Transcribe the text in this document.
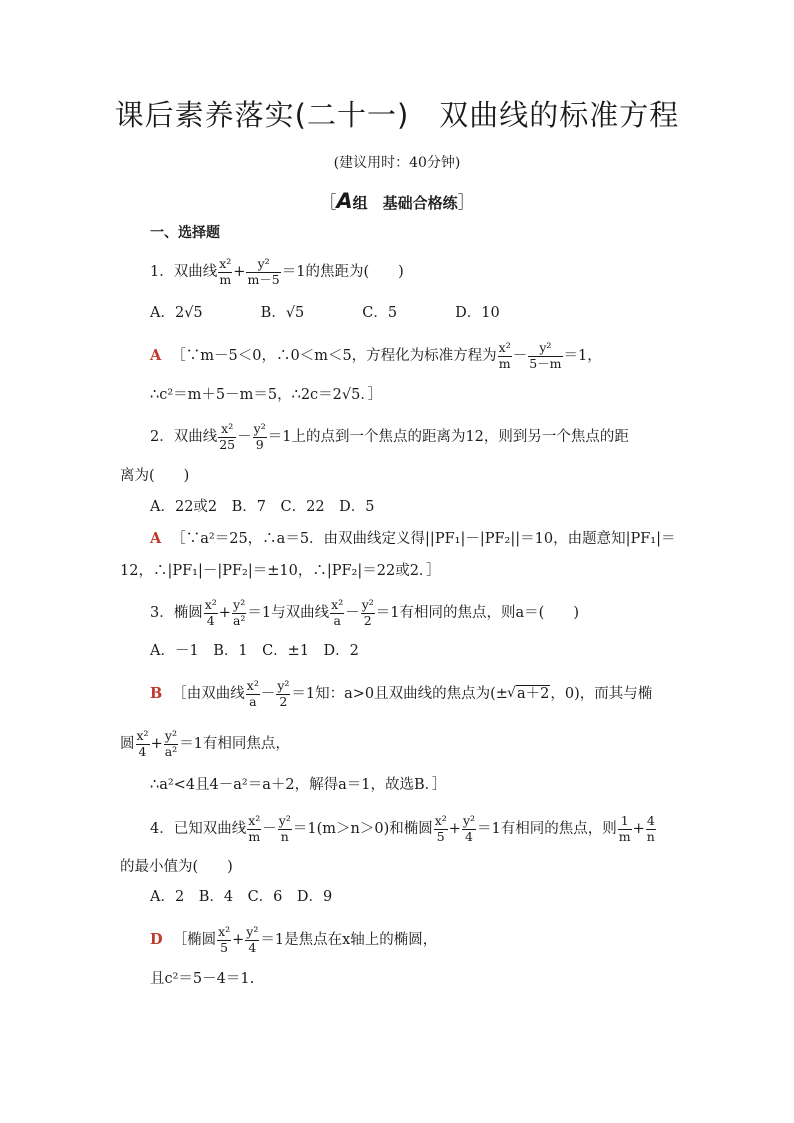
课后素养落实(二十一)　双曲线的标准方程
(建议用时：40分钟)
［A组　基础合格练］
一、选择题
1．双曲线 $\frac{\text{x²}}{m} + \frac{\text{y²}}{m-5} =1$的焦距为(　　)
A．2√5　　　　B．√5　　　　C．5　　　　D．10
A ［∵m－5＜0，∴0＜m＜5，方程化为标准方程为 $\frac{\text{x²}}{m} - \frac{\text{y²}}{5-m} =1$，
∴c²＝m＋5－m＝5，∴2c＝2√5．］
2．双曲线 $\frac{\text{x²}}{25} - \frac{\text{y²}}{9} =1$上的点到一个焦点的距离为12，则到另一个焦点的距
离为(　　)
A．22或2　B．7　C．22　D．5
A ［∵a²＝25，∴a＝5．由双曲线定义得||PF₁|－|PF₂||＝10，由题意知|PF₁|＝
12，∴|PF₁|－|PF₂|＝±10，∴|PF₂|＝22或2．］
3．椭圆 $\frac{\text{x²}}{4} + \frac{\text{y²}}{\text{a²}} =1$与双曲线 $\frac{\text{x²}}{a} - \frac{\text{y²}}{2} =1$有相同的焦点，则a＝(　　)
A．－1　B．1　C．±1　D．2
B ［由双曲线 $\frac{\text{x²}}{a} - \frac{\text{y²}}{2} =1$知：a>0且双曲线的焦点为(±√ a＋2，0)，而其与椭
圆 $\frac{\text{x²}}{4} + \frac{\text{y²}}{\text{a²}} =1$有相同焦点，
∴a²<4且4－a²＝a＋2，解得a＝1，故选B．］
4．已知双曲线 $\frac{\text{x²}}{m} - \frac{\text{y²}}{n} =1(m>n>0)$和椭圆 $\frac{\text{x²}}{5} + \frac{\text{y²}}{4} =1$有相同的焦点，则 $\frac{1}{m} + \frac{4}{n}$
的最小值为(　　)
A．2　B．4　C．6　D．9
D ［椭圆 $\frac{\text{x²}}{5} + \frac{\text{y²}}{4} =1$是焦点在x轴上的椭圆，
且c²＝5－4＝1.
